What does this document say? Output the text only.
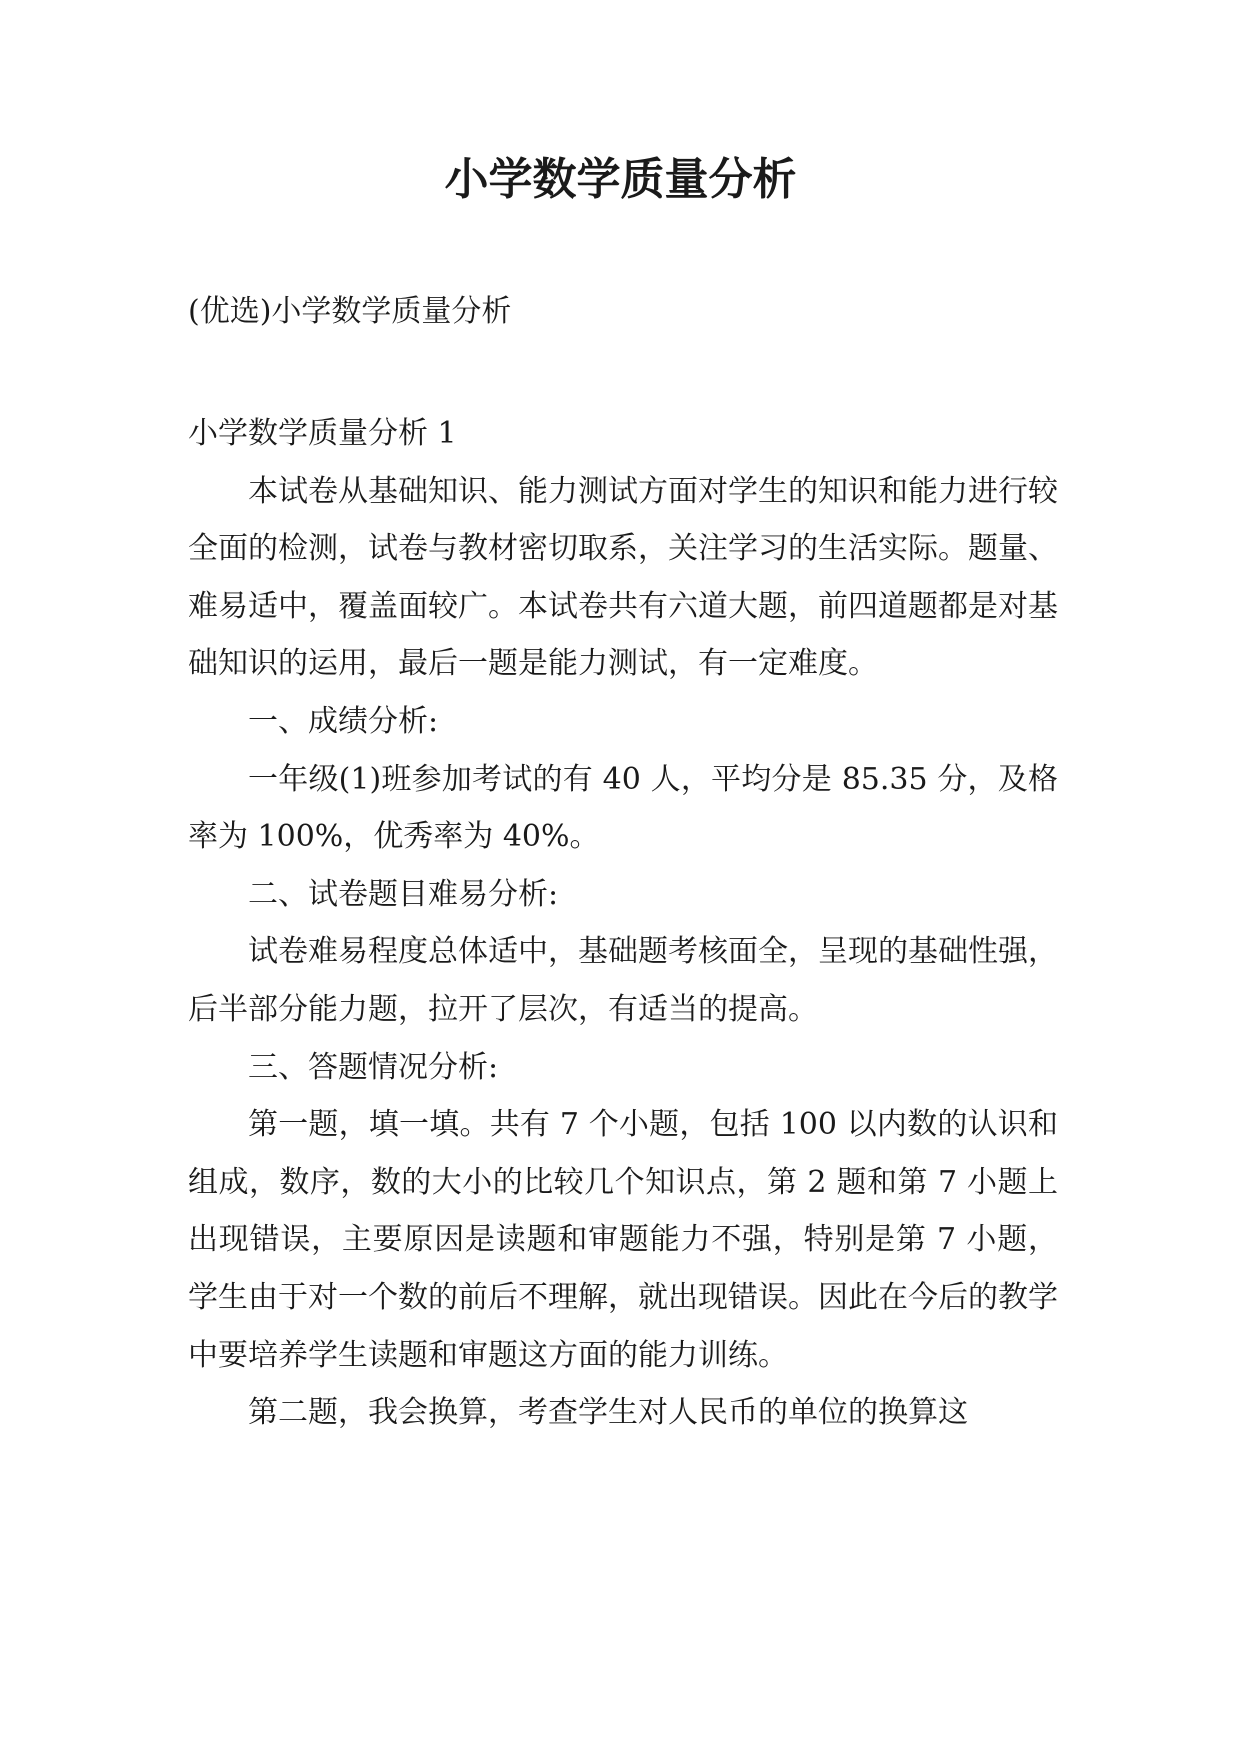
小学数学质量分析

(优选)小学数学质量分析

小学数学质量分析 1

本试卷从基础知识、能力测试方面对学生的知识和能力进行较全面的检测，试卷与教材密切取系，关注学习的生活实际。题量、难易适中，覆盖面较广。本试卷共有六道大题，前四道题都是对基础知识的运用，最后一题是能力测试，有一定难度。

一、成绩分析:

一年级(1)班参加考试的有 40 人，平均分是 85.35 分，及格率为 100%，优秀率为 40%。

二、试卷题目难易分析:

试卷难易程度总体适中，基础题考核面全，呈现的基础性强，后半部分能力题，拉开了层次，有适当的提高。

三、答题情况分析:

第一题，填一填。共有 7 个小题，包括 100 以内数的认识和组成，数序，数的大小的比较几个知识点，第 2 题和第 7 小题上出现错误，主要原因是读题和审题能力不强，特别是第 7 小题，学生由于对一个数的前后不理解，就出现错误。因此在今后的教学中要培养学生读题和审题这方面的能力训练。

第二题，我会换算，考查学生对人民币的单位的换算这
